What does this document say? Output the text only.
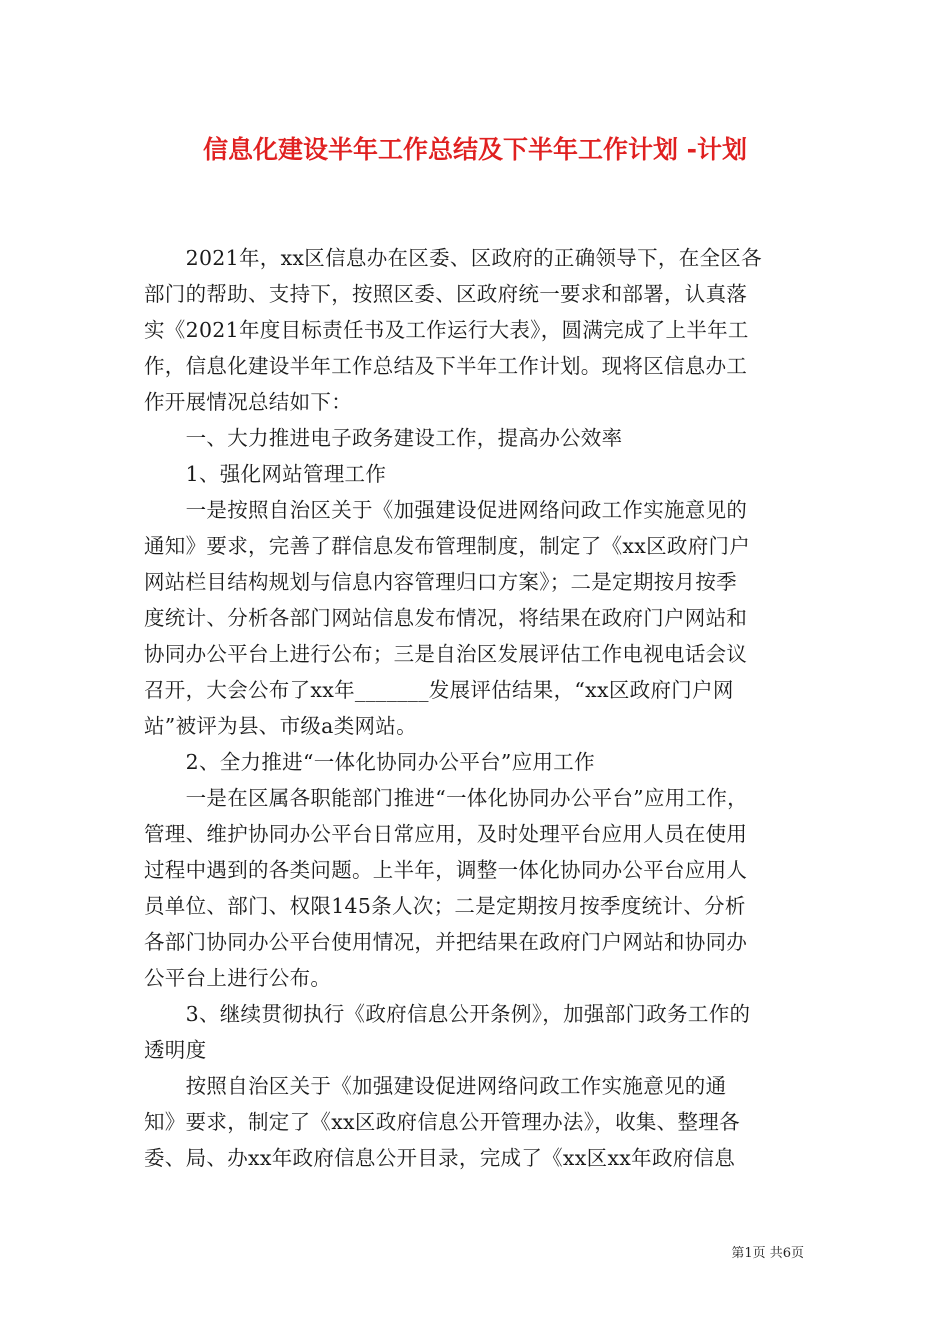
信息化建设半年工作总结及下半年工作计划 -计划
　　2021年，xx区信息办在区委、区政府的正确领导下，在全区各
部门的帮助、支持下，按照区委、区政府统一要求和部署，认真落
实《2021年度目标责任书及工作运行大表》，圆满完成了上半年工
作，信息化建设半年工作总结及下半年工作计划。现将区信息办工
作开展情况总结如下：
　　一、大力推进电子政务建设工作，提高办公效率
　　1、强化网站管理工作
　　一是按照自治区关于《加强建设促进网络问政工作实施意见的
通知》要求，完善了群信息发布管理制度，制定了《xx区政府门户
网站栏目结构规划与信息内容管理归口方案》；二是定期按月按季
度统计、分析各部门网站信息发布情况，将结果在政府门户网站和
协同办公平台上进行公布；三是自治区发展评估工作电视电话会议
召开，大会公布了xx年_______发展评估结果，“xx区政府门户网
站”被评为县、市级a类网站。
　　2、全力推进“一体化协同办公平台”应用工作
　　一是在区属各职能部门推进“一体化协同办公平台”应用工作，
管理、维护协同办公平台日常应用，及时处理平台应用人员在使用
过程中遇到的各类问题。上半年，调整一体化协同办公平台应用人
员单位、部门、权限145条人次；二是定期按月按季度统计、分析
各部门协同办公平台使用情况，并把结果在政府门户网站和协同办
公平台上进行公布。
　　3、继续贯彻执行《政府信息公开条例》，加强部门政务工作的
透明度
　　按照自治区关于《加强建设促进网络问政工作实施意见的通
知》要求，制定了《xx区政府信息公开管理办法》，收集、整理各
委、局、办xx年政府信息公开目录，完成了《xx区xx年政府信息
第1页 共6页
